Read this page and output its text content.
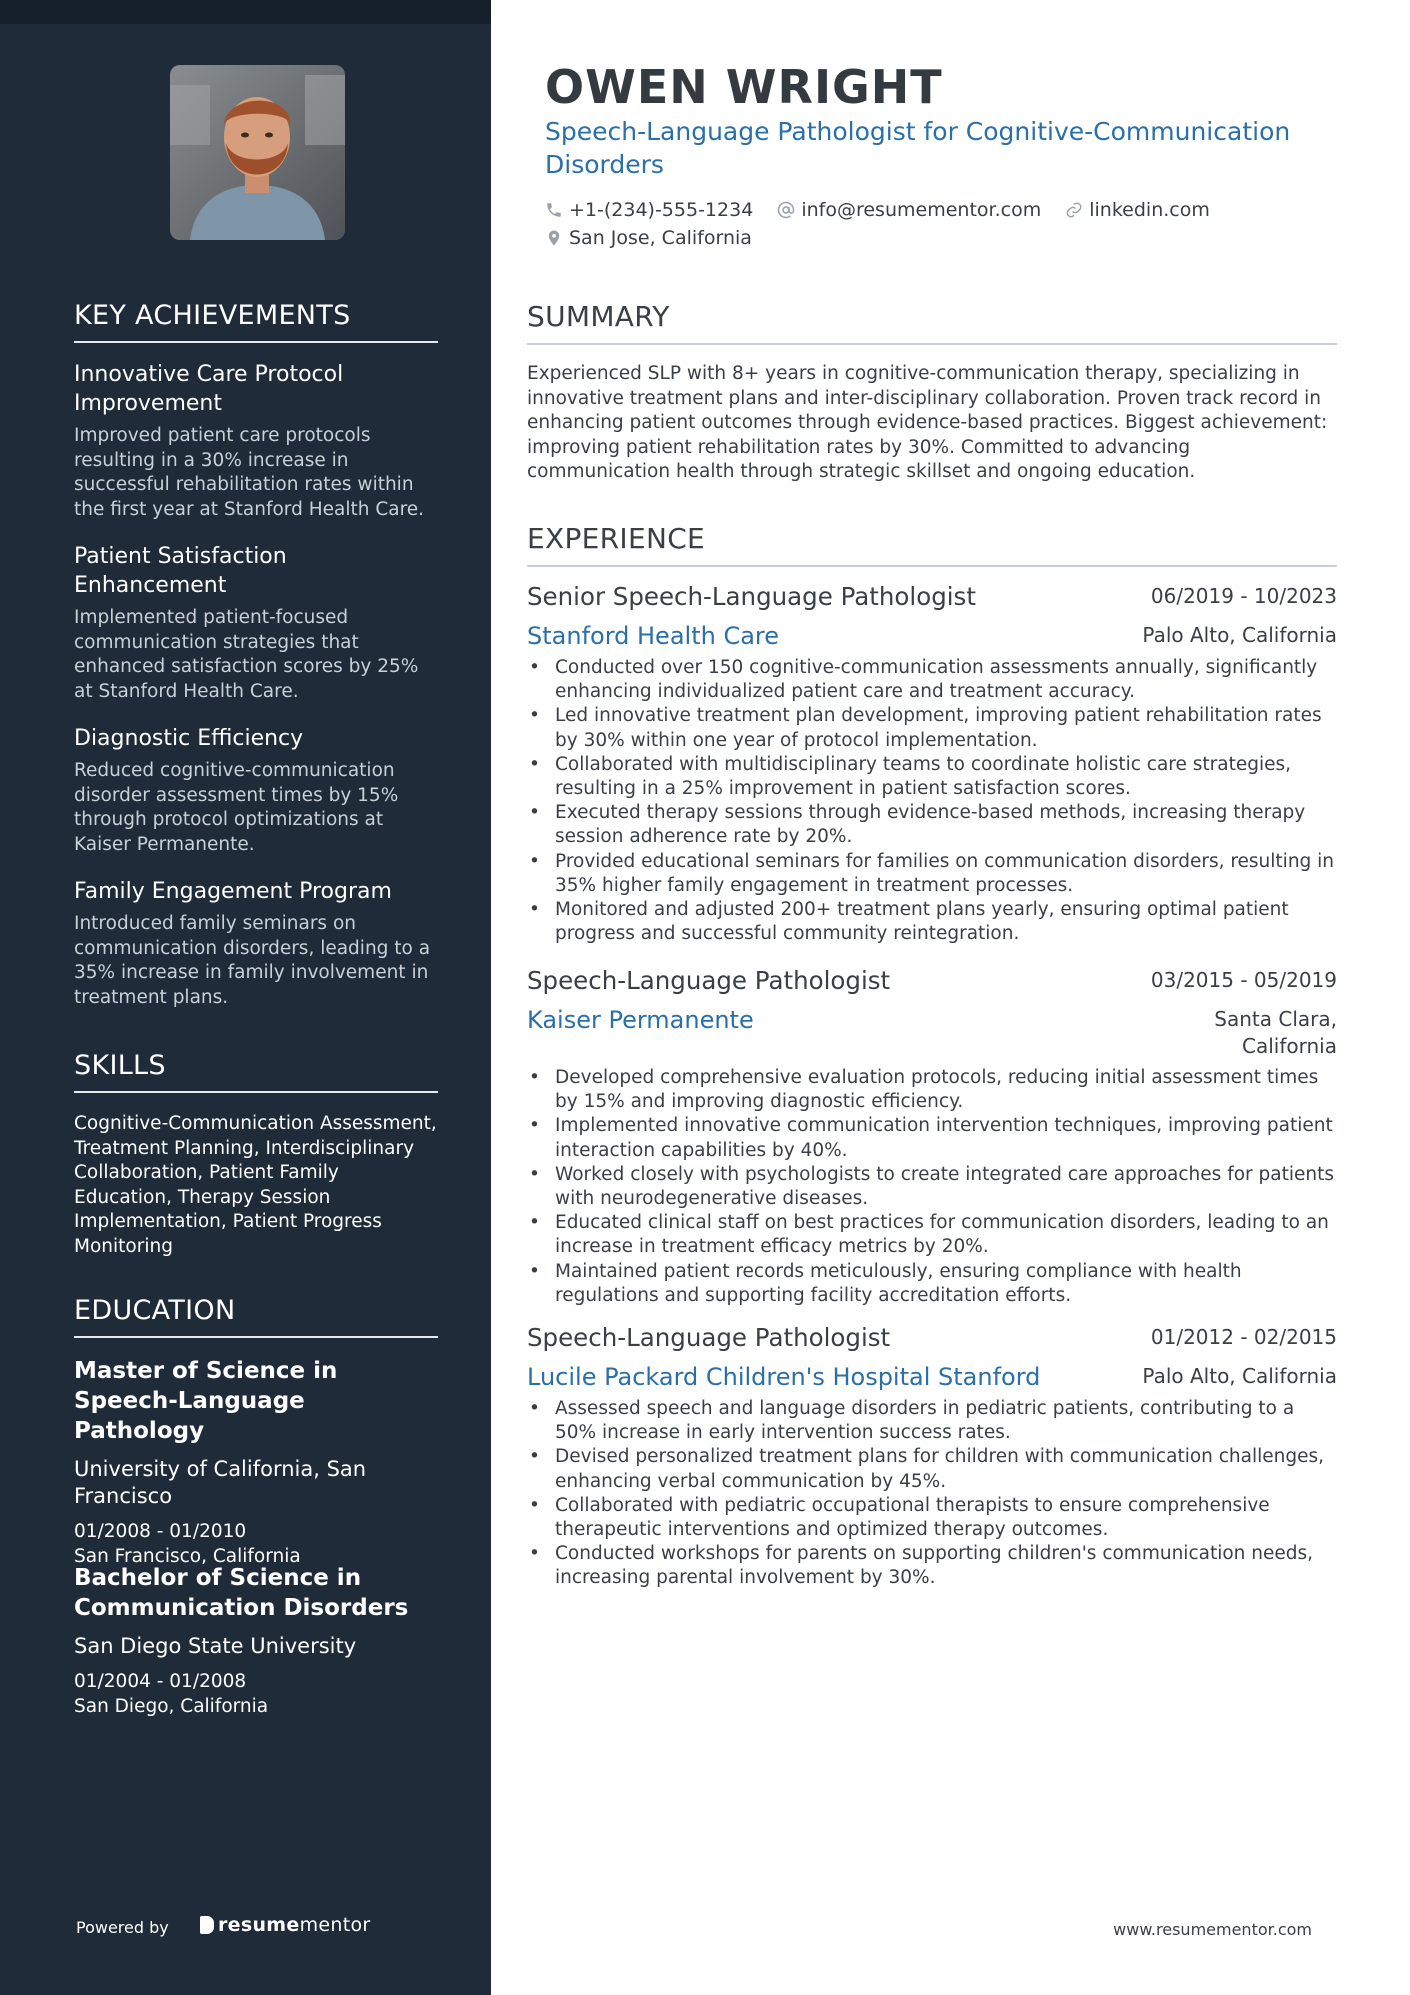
KEY ACHIEVEMENTS

Innovative Care Protocol Improvement

Improved patient care protocols resulting in a 30% increase in successful rehabilitation rates within the first year at Stanford Health Care.

Patient Satisfaction Enhancement

Implemented patient-focused communication strategies that enhanced satisfaction scores by 25% at Stanford Health Care.

Diagnostic Efficiency

Reduced cognitive-communication disorder assessment times by 15% through protocol optimizations at Kaiser Permanente.

Family Engagement Program

Introduced family seminars on communication disorders, leading to a 35% increase in family involvement in treatment plans.

SKILLS

Cognitive-Communication Assessment, Treatment Planning, Interdisciplinary Collaboration, Patient Family Education, Therapy Session Implementation, Patient Progress Monitoring

EDUCATION

Master of Science in Speech-Language Pathology

University of California, San Francisco

01/2008 - 01/2010

San Francisco, California

Bachelor of Science in Communication Disorders

San Diego State University

01/2004 - 01/2008

San Diego, California

Powered by	resumementor
OWEN WRIGHT

Speech-Language Pathologist for Cognitive-Communication Disorders

+1-(234)-555-1234	info@resumementor.com	linkedin.com
San Jose, California
SUMMARY

Experienced SLP with 8+ years in cognitive-communication therapy, specializing in innovative treatment plans and inter-disciplinary collaboration. Proven track record in enhancing patient outcomes through evidence-based practices. Biggest achievement: improving patient rehabilitation rates by 30%. Committed to advancing communication health through strategic skillset and ongoing education.

EXPERIENCE

Senior Speech-Language Pathologist	06/2019 - 10/2023

Stanford Health Care	Palo Alto, California
• Conducted over 150 cognitive-communication assessments annually, significantly enhancing individualized patient care and treatment accuracy.
• Led innovative treatment plan development, improving patient rehabilitation rates by 30% within one year of protocol implementation.
• Collaborated with multidisciplinary teams to coordinate holistic care strategies, resulting in a 25% improvement in patient satisfaction scores.
• Executed therapy sessions through evidence-based methods, increasing therapy session adherence rate by 20%.
• Provided educational seminars for families on communication disorders, resulting in 35% higher family engagement in treatment processes.
• Monitored and adjusted 200+ treatment plans yearly, ensuring optimal patient progress and successful community reintegration.

Speech-Language Pathologist	03/2015 - 05/2019

Kaiser Permanente	Santa Clara, California
• Developed comprehensive evaluation protocols, reducing initial assessment times by 15% and improving diagnostic efficiency.
• Implemented innovative communication intervention techniques, improving patient interaction capabilities by 40%.
• Worked closely with psychologists to create integrated care approaches for patients with neurodegenerative diseases.
• Educated clinical staff on best practices for communication disorders, leading to an increase in treatment efficacy metrics by 20%.
• Maintained patient records meticulously, ensuring compliance with health regulations and supporting facility accreditation efforts.

Speech-Language Pathologist	01/2012 - 02/2015

Lucile Packard Children's Hospital Stanford	Palo Alto, California
• Assessed speech and language disorders in pediatric patients, contributing to a 50% increase in early intervention success rates.
• Devised personalized treatment plans for children with communication challenges, enhancing verbal communication by 45%.
• Collaborated with pediatric occupational therapists to ensure comprehensive therapeutic interventions and optimized therapy outcomes.
• Conducted workshops for parents on supporting children's communication needs, increasing parental involvement by 30%.
www.resumementor.com
